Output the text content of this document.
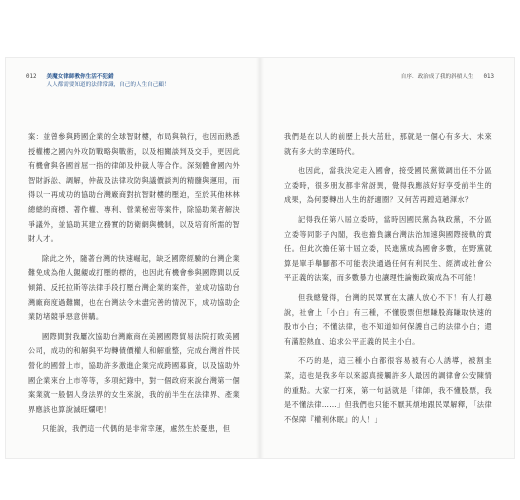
012 美魔女律師教你生活不犯錯
人人都需要知道的法律常識，自己的人生自己顧！

案：並曾參與跨國企業的全球智財樓，布局與執行，也因而熟悉授權樓之國內外攻防戰略與戰術，以及相關談判及交手，更因此有機會與各國首屈一指的律師及仲裁人等合作。深刻體會國內外智財訴訟、調解，仲裁及法律攻防與議價談判的精髓與運用，而得以一再成功的協助台灣廠商對抗智財樓的壓迫，至於其他林林總總的商標、著作權、專利、營業秘密等案件，除協助業者解決爭議外，並協助其建立務實的防衛網與機制，以及培育所需的智財人才。

除此之外，隨著台灣的快速崛起，缺乏國際經驗的台灣企業難免成為他人覬覦或打壓的標的，也因此有機會參與國際間以反傾銷、反托拉斯等法律手段打壓台灣企業的案件，並成功協助台灣廠商度過難關，也在台灣法令未盡完善的情況下，成功協助企業防堵競爭惡意併購。

國際間對我屢次協助台灣廠商在美國國際貿易法院打敗美國公司，成功的和解與平均轉債價權人和解重整，完成台灣首件民營化的國營上市，協助許多激進企業完成跨國募資，以及協助外國企業來台上市等等，多項紀錄中，對一個政府來說台灣第一個案業就一般個人身法界的女生來說，我的前半生在法律界、產業界應該也算說滅旺爛吧！

只能說，我們這一代偶的是非常幸運，處然生於憂患，但

自序．政治成了我的斜槓人生 013

我們是在以人的前歷上長大茁壯，那就是一個心有多大、未來就有多大的幸運時代。

也因此，當我決定走入國會，接受國民黨徵調出任不分區立委時，很多朋友都非常訝異，覺得我應該好好享受前半生的成果，為何要轉出人生的舒適圈？又何苦再蹚這趟渾水？

記得我任第八屆立委時，當時因國民黨為執政黨，不分區立委等同影子內閣，我也擔負讓台灣法治加速與國際接軌的責任。但此次擔任第十屆立委，民進黨成為國會多數，在野黨就算是單手舉腳都不可能表決通過任何有利民生、經濟或社會公平正義的法案，而多數暴力也讓理性論衡政策成為不可能！

但我總覺得，台灣的民眾實在太讓人放心不下！有人打趣說，社會上「小白」有三種，不懂股票但想賺股海賺取快速的股市小白；不懂法律，也不知道如何保護自己的法律小白；還有滿腔熱血、追求公平正義的民主小白。

不巧的是，這三種小白都很容易被有心人誘導，被割韭菜，這也是我多年以來認真接觸許多人最因的調律會公安陳情的重點。大家一打來，第一句話就是「律師，我不懂股票，我是不懂法律……」但我們也只能不厭其煩地跟民眾解釋，「法律不保障『權利休眠』的人！」
